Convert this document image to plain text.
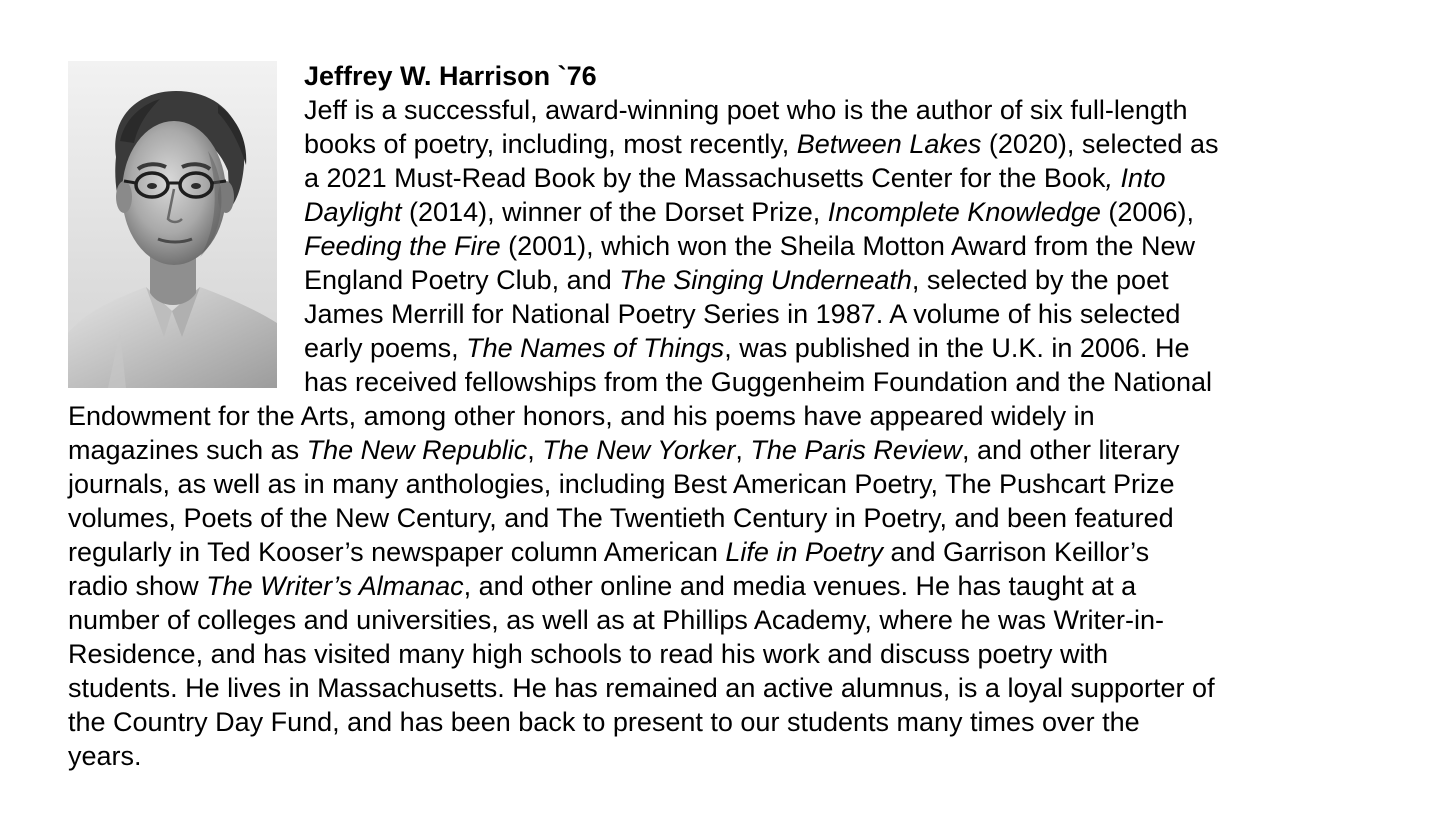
Jeffrey W. Harrison `76
Jeff is a successful, award-winning poet who is the author of six full-length
books of poetry, including, most recently, Between Lakes (2020), selected as
a 2021 Must-Read Book by the Massachusetts Center for the Book, Into
Daylight (2014), winner of the Dorset Prize, Incomplete Knowledge (2006),
Feeding the Fire (2001), which won the Sheila Motton Award from the New
England Poetry Club, and The Singing Underneath, selected by the poet
James Merrill for National Poetry Series in 1987. A volume of his selected
early poems, The Names of Things, was published in the U.K. in 2006. He
has received fellowships from the Guggenheim Foundation and the National
Endowment for the Arts, among other honors, and his poems have appeared widely in
magazines such as The New Republic, The New Yorker, The Paris Review, and other literary
journals, as well as in many anthologies, including Best American Poetry, The Pushcart Prize
volumes, Poets of the New Century, and The Twentieth Century in Poetry, and been featured
regularly in Ted Kooser’s newspaper column American Life in Poetry and Garrison Keillor’s
radio show The Writer’s Almanac, and other online and media venues. He has taught at a
number of colleges and universities, as well as at Phillips Academy, where he was Writer-in-
Residence, and has visited many high schools to read his work and discuss poetry with
students. He lives in Massachusetts. He has remained an active alumnus, is a loyal supporter of
the Country Day Fund, and has been back to present to our students many times over the
years.
